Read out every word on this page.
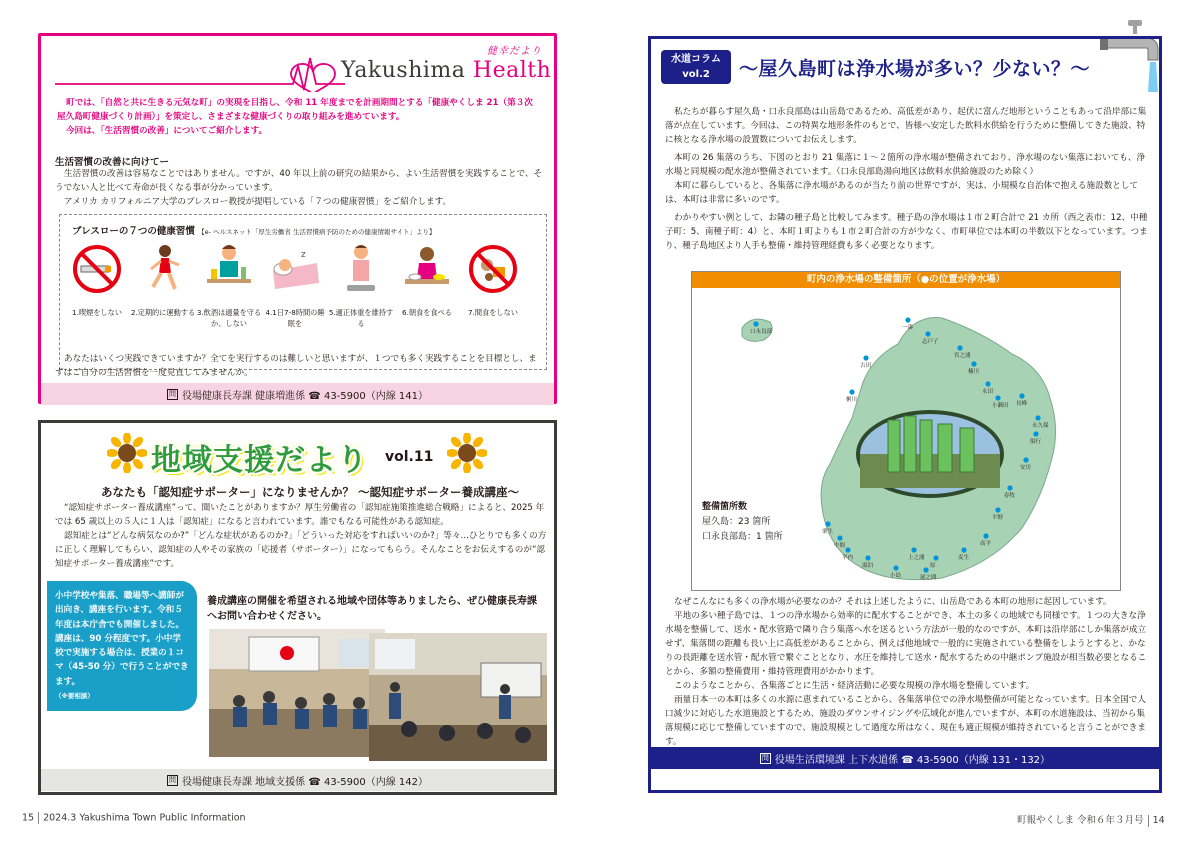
健幸だより
Yakushima Health

町では、「自然と共に生きる元気な町」の実現を目指し、令和 11 年度までを計画期間とする「健康やくしま 21（第３次屋久島町健康づくり計画）」を策定し、さまざまな健康づくりの取り組みを進めています。

今回は、「生活習慣の改善」についてご紹介します。

生活習慣の改善に向けてー

生活習慣の改善は容易なことではありません。ですが、40 年以上前の研究の結果から、よい生活習慣を実践することで、そうでない人と比べて寿命が長くなる事が分かっています。

アメリカ カリフォルニア大学のブレスロー教授が提唱している「７つの健康習慣」をご紹介します。

ブレスローの７つの健康習慣 【e- ヘルスネット「厚生労働省 生活習慣病予防のための健康情報サイト」より】
1.喫煙をしない	2.定期的に運動する 3.飲酒は適量を守るか、しない
z
4.1日7-8時間の睡眠を
5.適正体重を維持する
6.朝食を食べる	7.間食をしない

あなたはいくつ実践できていますか？全てを実行するのは難しいと思いますが、１つでも多く実践することを目標とし、まずはご自分の生活習慣を一度見直してみませんか。

問 役場健康長寿課 健康増進係 ☎ 43-5900（内線 141）
地域支援だより vol.11
あなたも「認知症サポーター」になりませんか？ ～認知症サポーター養成講座～

“認知症サポーター養成講座”って、聞いたことがありますか？厚生労働省の「認知症施策推進総合戦略」によると、2025 年では 65 歳以上の５人に１人は「認知症」になると言われています。誰でもなる可能性がある認知症。

認知症とは“どんな病気なのか?”「どんな症状があるのか?」「どういった対応をすればいいのか?」等々…ひとりでも多くの方に正しく理解してもらい、認知症の人やその家族の「応援者（サポーター）」になってもらう。そんなことをお伝えするのが“認知症サポーター養成講座”です。

小中学校や集落、職場等へ講師が出向き、講座を行います。令和５年度は本庁舎でも開催しました。講座は、90 分程度です。小中学校で実施する場合は、授業の１コマ（45-50 分）で行うことができます。

（※要相談）

養成講座の開催を希望される地域や団体等ありましたら、ぜひ健康長寿課へお問い合わせください。
問 役場健康長寿課 地域支援係 ☎ 43-5900（内線 142）
水道コラム
vol.2	～屋久島町は浄水場が多い？少ない？～

私たちが暮らす屋久島・口永良部島は山岳島であるため、高低差があり、起伏に富んだ地形ということもあって沿岸部に集落が点在しています。今回は、この特異な地形条件のもとで、皆様へ安定した飲料水供給を行うために整備してきた施設、特に核となる浄水場の設置数についてお伝えします。

本町の 26 集落のうち、下図のとおり 21 集落に１～２箇所の浄水場が整備されており、浄水場のない集落においても、浄水場と同規模の配水池が整備されています。（口永良部島湯向地区は飲料水供給施設のため除く）

本町に暮らしていると、各集落に浄水場があるのが当たり前の世界ですが、実は、小規模な自治体で抱える施設数としては、本町は非常に多いのです。

わかりやすい例として、お隣の種子島と比較してみます。種子島の浄水場は１市２町合計で 21 カ所（西之表市：12、中種子町：5、南種子町：4）と、本町１町よりも１市２町合計の方が少なく、市町単位では本町の半数以下となっています。つまり、種子島地区より人手も整備・維持管理経費も多く必要となります。

町内の浄水場の整備箇所（●の位置が浄水場）
口永良部
一湊
志戸子
吉田
宮之浦
楠川
永田
椨川
小瀬田 長峰
永久保
船行
安房
春牧
平野
高平
麦生
原
尾之間
小島
湯泊
平内
中間
栗生
上之浦
整備箇所数
屋久島：23 箇所
口永良部島：1 箇所

なぜこんなにも多くの浄水場が必要なのか？それは上述したように、山岳島である本町の地形に起因しています。

平地の多い種子島では、１つの浄水場から効率的に配水することができ、本土の多くの地域でも同様です。１つの大きな浄水場を整備して、送水・配水管路で隣り合う集落へ水を送るという方法が一般的なのですが、本町は沿岸部にしか集落が成立せず、集落間の距離も長い上に高低差があることから、例えば他地域で一般的に実施されている整備をしようとすると、かなりの長距離を送水管・配水管で繋ぐこととなり、水圧を維持して送水・配水するための中継ポンプ施設が相当数必要となることから、多額の整備費用・維持管理費用がかかります。

このようなことから、各集落ごとに生活・経済活動に必要な規模の浄水場を整備しています。

雨量日本一の本町は多くの水源に恵まれていることから、各集落単位での浄水場整備が可能となっています。日本全国で人口減少に対応した水道施設とするため、施設のダウンサイジングや広域化が進んでいますが、本町の水道施設は、当初から集落規模に応じて整備していますので、施設規模として過度な所はなく、現在も適正規模が維持されていると言うことができます。

問 役場生活環境課 上下水道係 ☎ 43-5900（内線 131・132）
15 2024.3 Yakushima Town Public Information	町報やくしま 令和６年３月号 14
